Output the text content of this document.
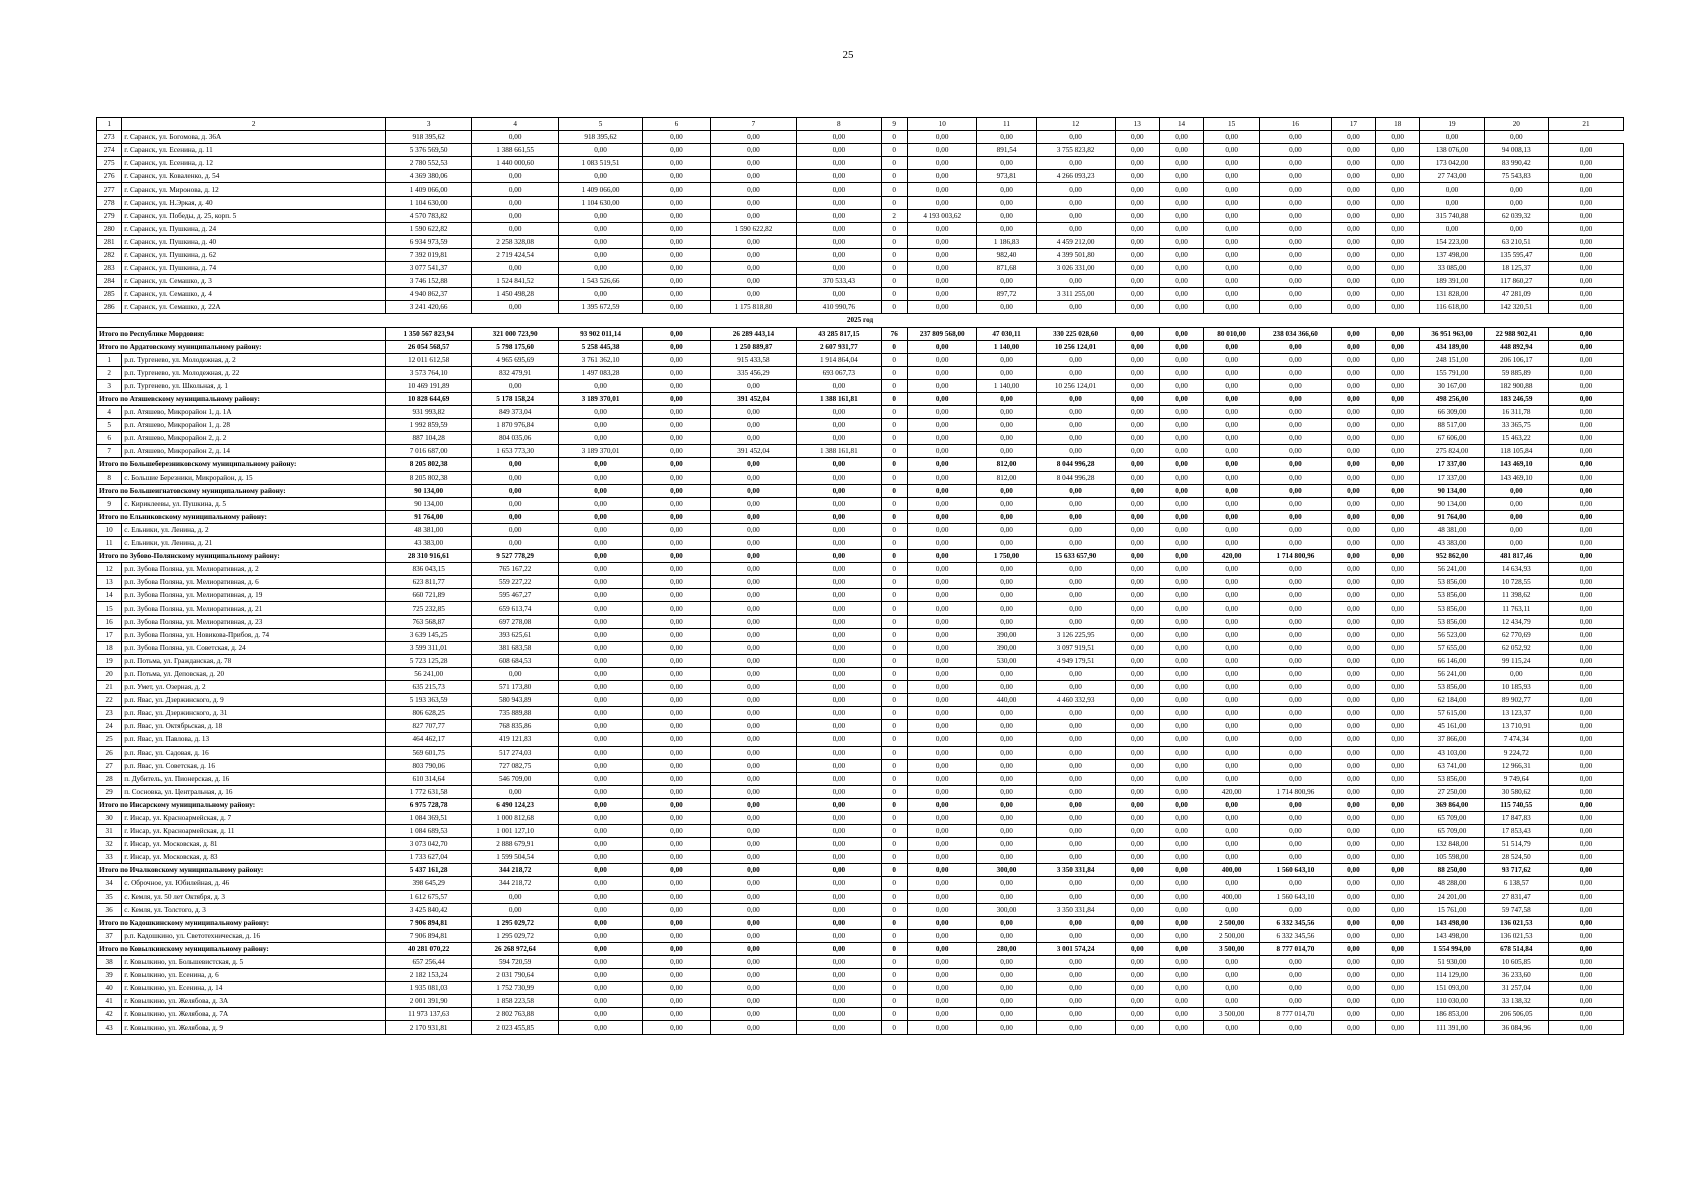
25
1	2	3	4	5	6	7	8	9	10	11	12	13	14	15	16	17	18	19	20	21
273	г. Саранск, ул. Богомова, д. 36А	918 395,62	0,00	918 395,62	0,00	0,00	0,00	0	0,00	0,00	0,00	0,00	0,00	0,00	0,00	0,00	0,00	0,00	0,00	
274	г. Саранск, ул. Есенина, д. 11	5 376 569,50	1 388 661,55	0,00	0,00	0,00	0,00	0	0,00	891,54	3 755 823,82	0,00	0,00	0,00	0,00	0,00	0,00	138 076,00	94 008,13	0,00
275	г. Саранск, ул. Есенина, д. 12	2 780 552,53	1 440 000,60	1 083 519,51	0,00	0,00	0,00	0	0,00	0,00	0,00	0,00	0,00	0,00	0,00	0,00	0,00	173 042,00	83 990,42	0,00
276	г. Саранск, ул. Коваленко, д. 54	4 369 380,06	0,00	0,00	0,00	0,00	0,00	0	0,00	973,81	4 266 093,23	0,00	0,00	0,00	0,00	0,00	0,00	27 743,00	75 543,83	0,00
277	г. Саранск, ул. Миронова, д. 12	1 409 066,00	0,00	1 409 066,00	0,00	0,00	0,00	0	0,00	0,00	0,00	0,00	0,00	0,00	0,00	0,00	0,00	0,00	0,00	0,00
278	г. Саранск, ул. Н.Эркая, д. 40	1 104 630,00	0,00	1 104 630,00	0,00	0,00	0,00	0	0,00	0,00	0,00	0,00	0,00	0,00	0,00	0,00	0,00	0,00	0,00	0,00
279	г. Саранск, ул. Победы, д. 25, корп. 5	4 570 783,82	0,00	0,00	0,00	0,00	0,00	2	4 193 003,62	0,00	0,00	0,00	0,00	0,00	0,00	0,00	0,00	315 740,88	62 039,32	0,00
280	г. Саранск, ул. Пушкина, д. 24	1 590 622,82	0,00	0,00	0,00	1 590 622,82	0,00	0	0,00	0,00	0,00	0,00	0,00	0,00	0,00	0,00	0,00	0,00	0,00	0,00
281	г. Саранск, ул. Пушкина, д. 40	6 934 973,59	2 258 328,08	0,00	0,00	0,00	0,00	0	0,00	1 186,83	4 459 212,00	0,00	0,00	0,00	0,00	0,00	0,00	154 223,00	63 210,51	0,00
282	г. Саранск, ул. Пушкина, д. 62	7 392 019,81	2 719 424,54	0,00	0,00	0,00	0,00	0	0,00	982,40	4 399 501,80	0,00	0,00	0,00	0,00	0,00	0,00	137 498,00	135 595,47	0,00
283	г. Саранск, ул. Пушкина, д. 74	3 077 541,37	0,00	0,00	0,00	0,00	0,00	0	0,00	871,68	3 026 331,00	0,00	0,00	0,00	0,00	0,00	0,00	33 085,00	18 125,37	0,00
284	г. Саранск, ул. Семашко, д. 3	3 746 152,88	1 524 841,52	1 543 526,66	0,00	0,00	370 533,43	0	0,00	0,00	0,00	0,00	0,00	0,00	0,00	0,00	0,00	189 391,00	117 860,27	0,00
285	г. Саранск, ул. Семашко, д. 4	4 940 862,37	1 450 498,28	0,00	0,00	0,00	0,00	0	0,00	897,72	3 311 255,00	0,00	0,00	0,00	0,00	0,00	0,00	131 828,00	47 281,09	0,00
286	г. Саранск, ул. Семашко, д. 22А	3 241 420,66	0,00	1 395 672,59	0,00	1 175 818,80	410 990,76	0	0,00	0,00	0,00	0,00	0,00	0,00	0,00	0,00	0,00	116 618,00	142 320,51	0,00
2025 год																				
Итого по Республике Мордовия:		1 350 567 823,94	321 000 723,90	93 902 011,14	0,00	26 289 443,14	43 285 817,15	76	237 809 568,00	47 030,11	330 225 028,60	0,00	0,00	80 010,00	238 034 366,60	0,00	0,00	36 951 963,00	22 988 902,41	0,00
Итого по Ардатовскому муниципальному району:		26 054 568,57	5 798 175,60	5 258 445,38	0,00	1 250 889,87	2 607 931,77	0	0,00	1 140,00	10 256 124,01	0,00	0,00	0,00	0,00	0,00	0,00	434 189,00	448 892,94	0,00
1	р.п. Тургенево, ул. Молодежная, д. 2	12 011 612,58	4 965 695,69	3 761 362,10	0,00	915 433,58	1 914 864,04	0	0,00	0,00	0,00	0,00	0,00	0,00	0,00	0,00	0,00	248 151,00	206 106,17	0,00
2	р.п. Тургенево, ул. Молодежная, д. 22	3 573 764,10	832 479,91	1 497 083,28	0,00	335 456,29	693 067,73	0	0,00	0,00	0,00	0,00	0,00	0,00	0,00	0,00	0,00	155 791,00	59 885,89	0,00
3	р.п. Тургенево, ул. Школьная, д. 1	10 469 191,89	0,00	0,00	0,00	0,00	0,00	0	0,00	1 140,00	10 256 124,01	0,00	0,00	0,00	0,00	0,00	0,00	30 167,00	182 900,88	0,00
Итого по Атяшевскому муниципальному району:		10 828 644,69	5 178 158,24	3 189 370,01	0,00	391 452,04	1 388 161,81	0	0,00	0,00	0,00	0,00	0,00	0,00	0,00	0,00	0,00	498 256,00	183 246,59	0,00
4	р.п. Атяшево, Микрорайон 1, д. 1А	931 993,82	849 373,04	0,00	0,00	0,00	0,00	0	0,00	0,00	0,00	0,00	0,00	0,00	0,00	0,00	0,00	66 309,00	16 311,78	0,00
5	р.п. Атяшево, Микрорайон 1, д. 28	1 992 859,59	1 870 976,84	0,00	0,00	0,00	0,00	0	0,00	0,00	0,00	0,00	0,00	0,00	0,00	0,00	0,00	88 517,00	33 365,75	0,00
6	р.п. Атяшево, Микрорайон 2, д. 2	887 104,28	804 035,06	0,00	0,00	0,00	0,00	0	0,00	0,00	0,00	0,00	0,00	0,00	0,00	0,00	0,00	67 606,00	15 463,22	0,00
7	р.п. Атяшево, Микрорайон 2, д. 14	7 016 687,00	1 653 773,30	3 189 370,01	0,00	391 452,04	1 388 161,81	0	0,00	0,00	0,00	0,00	0,00	0,00	0,00	0,00	0,00	275 824,00	118 105,84	0,00
Итого по Большеберезниковскому муниципальному району:		8 205 802,38	0,00	0,00	0,00	0,00	0,00	0	0,00	812,00	8 044 996,28	0,00	0,00	0,00	0,00	0,00	0,00	17 337,00	143 469,10	0,00
8	с. Большие Березники, Микрорайон, д. 15	8 205 802,38	0,00	0,00	0,00	0,00	0,00	0	0,00	812,00	8 044 996,28	0,00	0,00	0,00	0,00	0,00	0,00	17 337,00	143 469,10	0,00
Итого по Большеигнатовскому муниципальному району:		90 134,00	0,00	0,00	0,00	0,00	0,00	0	0,00	0,00	0,00	0,00	0,00	0,00	0,00	0,00	0,00	90 134,00	0,00	0,00
9	с. Кириклеевы, ул. Пушкина, д. 5	90 134,00	0,00	0,00	0,00	0,00	0,00	0	0,00	0,00	0,00	0,00	0,00	0,00	0,00	0,00	0,00	90 134,00	0,00	0,00
Итого по Ельниковскому муниципальному району:		91 764,00	0,00	0,00	0,00	0,00	0,00	0	0,00	0,00	0,00	0,00	0,00	0,00	0,00	0,00	0,00	91 764,00	0,00	0,00
10	с. Ельники, ул. Ленина, д. 2	48 381,00	0,00	0,00	0,00	0,00	0,00	0	0,00	0,00	0,00	0,00	0,00	0,00	0,00	0,00	0,00	48 381,00	0,00	0,00
11	с. Ельники, ул. Ленина, д. 21	43 383,00	0,00	0,00	0,00	0,00	0,00	0	0,00	0,00	0,00	0,00	0,00	0,00	0,00	0,00	0,00	43 383,00	0,00	0,00
Итого по Зубово-Полянскому муниципальному району:		28 310 916,61	9 527 778,29	0,00	0,00	0,00	0,00	0	0,00	1 750,00	15 633 657,90	0,00	0,00	420,00	1 714 800,96	0,00	0,00	952 862,00	481 817,46	0,00
12	р.п. Зубова Поляна, ул. Мелиоративная, д. 2	836 043,15	765 167,22	0,00	0,00	0,00	0,00	0	0,00	0,00	0,00	0,00	0,00	0,00	0,00	0,00	0,00	56 241,00	14 634,93	0,00
13	р.п. Зубова Поляна, ул. Мелиоративная, д. 6	623 811,77	559 227,22	0,00	0,00	0,00	0,00	0	0,00	0,00	0,00	0,00	0,00	0,00	0,00	0,00	0,00	53 856,00	10 728,55	0,00
14	р.п. Зубова Поляна, ул. Мелиоративная, д. 19	660 721,89	595 467,27	0,00	0,00	0,00	0,00	0	0,00	0,00	0,00	0,00	0,00	0,00	0,00	0,00	0,00	53 856,00	11 398,62	0,00
15	р.п. Зубова Поляна, ул. Мелиоративная, д. 21	725 232,85	659 613,74	0,00	0,00	0,00	0,00	0	0,00	0,00	0,00	0,00	0,00	0,00	0,00	0,00	0,00	53 856,00	11 763,11	0,00
16	р.п. Зубова Поляна, ул. Мелиоративная, д. 23	763 568,87	697 278,08	0,00	0,00	0,00	0,00	0	0,00	0,00	0,00	0,00	0,00	0,00	0,00	0,00	0,00	53 856,00	12 434,79	0,00
17	р.п. Зубова Поляна, ул. Новикова-Прибоя, д. 74	3 639 145,25	393 625,61	0,00	0,00	0,00	0,00	0	0,00	390,00	3 126 225,95	0,00	0,00	0,00	0,00	0,00	0,00	56 523,00	62 770,69	0,00
18	р.п. Зубова Поляна, ул. Советская, д. 24	3 599 311,01	381 683,58	0,00	0,00	0,00	0,00	0	0,00	390,00	3 097 919,51	0,00	0,00	0,00	0,00	0,00	0,00	57 655,00	62 052,92	0,00
19	р.п. Потьма, ул. Гражданская, д. 78	5 723 125,28	608 684,53	0,00	0,00	0,00	0,00	0	0,00	530,00	4 949 179,51	0,00	0,00	0,00	0,00	0,00	0,00	66 146,00	99 115,24	0,00
20	р.п. Потьма, ул. Деповская, д. 20	56 241,00	0,00	0,00	0,00	0,00	0,00	0	0,00	0,00	0,00	0,00	0,00	0,00	0,00	0,00	0,00	56 241,00	0,00	0,00
21	р.п. Умет, ул. Озерная, д. 2	635 215,73	571 173,80	0,00	0,00	0,00	0,00	0	0,00	0,00	0,00	0,00	0,00	0,00	0,00	0,00	0,00	53 856,00	10 185,93	0,00
22	р.п. Явас, ул. Дзержинского, д. 9	5 193 363,59	580 943,89	0,00	0,00	0,00	0,00	0	0,00	440,00	4 460 332,93	0,00	0,00	0,00	0,00	0,00	0,00	62 184,00	89 902,77	0,00
23	р.п. Явас, ул. Дзержинского, д. 31	806 628,25	735 889,88	0,00	0,00	0,00	0,00	0	0,00	0,00	0,00	0,00	0,00	0,00	0,00	0,00	0,00	57 615,00	13 123,37	0,00
24	р.п. Явас, ул. Октябрьская, д. 18	827 707,77	768 835,86	0,00	0,00	0,00	0,00	0	0,00	0,00	0,00	0,00	0,00	0,00	0,00	0,00	0,00	45 161,00	13 710,91	0,00
25	р.п. Явас, ул. Павлова, д. 13	464 462,17	419 121,83	0,00	0,00	0,00	0,00	0	0,00	0,00	0,00	0,00	0,00	0,00	0,00	0,00	0,00	37 866,00	7 474,34	0,00
26	р.п. Явас, ул. Садовая, д. 16	569 601,75	517 274,03	0,00	0,00	0,00	0,00	0	0,00	0,00	0,00	0,00	0,00	0,00	0,00	0,00	0,00	43 103,00	9 224,72	0,00
27	р.п. Явас, ул. Советская, д. 16	803 790,06	727 082,75	0,00	0,00	0,00	0,00	0	0,00	0,00	0,00	0,00	0,00	0,00	0,00	0,00	0,00	63 741,00	12 966,31	0,00
28	п. Дубитель, ул. Пионерская, д. 16	610 314,64	546 709,00	0,00	0,00	0,00	0,00	0	0,00	0,00	0,00	0,00	0,00	0,00	0,00	0,00	0,00	53 856,00	9 749,64	0,00
29	п. Сосновка, ул. Центральная, д. 16	1 772 631,58	0,00	0,00	0,00	0,00	0,00	0	0,00	0,00	0,00	0,00	0,00	420,00	1 714 800,96	0,00	0,00	27 250,00	30 580,62	0,00
Итого по Инсарскому муниципальному району:		6 975 728,78	6 490 124,23	0,00	0,00	0,00	0,00	0	0,00	0,00	0,00	0,00	0,00	0,00	0,00	0,00	0,00	369 864,00	115 740,55	0,00
30	г. Инсар, ул. Красноармейская, д. 7	1 084 369,51	1 000 812,68	0,00	0,00	0,00	0,00	0	0,00	0,00	0,00	0,00	0,00	0,00	0,00	0,00	0,00	65 709,00	17 847,83	0,00
31	г. Инсар, ул. Красноармейская, д. 11	1 084 689,53	1 001 127,10	0,00	0,00	0,00	0,00	0	0,00	0,00	0,00	0,00	0,00	0,00	0,00	0,00	0,00	65 709,00	17 853,43	0,00
32	г. Инсар, ул. Московская, д. 81	3 073 042,70	2 888 679,91	0,00	0,00	0,00	0,00	0	0,00	0,00	0,00	0,00	0,00	0,00	0,00	0,00	0,00	132 848,00	51 514,79	0,00
33	г. Инсар, ул. Московская, д. 83	1 733 627,04	1 599 504,54	0,00	0,00	0,00	0,00	0	0,00	0,00	0,00	0,00	0,00	0,00	0,00	0,00	0,00	105 598,00	28 524,50	0,00
Итого по Ичалковскому муниципальному району:		5 437 161,28	344 218,72	0,00	0,00	0,00	0,00	0	0,00	300,00	3 350 331,84	0,00	0,00	400,00	1 560 643,10	0,00	0,00	88 250,00	93 717,62	0,00
34	с. Оброчное, ул. Юбилейная, д. 46	398 645,29	344 218,72	0,00	0,00	0,00	0,00	0	0,00	0,00	0,00	0,00	0,00	0,00	0,00	0,00	0,00	48 288,00	6 138,57	0,00
35	с. Кемля, ул. 50 лет Октября, д. 3	1 612 675,57	0,00	0,00	0,00	0,00	0,00	0	0,00	0,00	0,00	0,00	0,00	400,00	1 560 643,10	0,00	0,00	24 201,00	27 831,47	0,00
36	с. Кемля, ул. Толстого, д. 3	3 425 840,42	0,00	0,00	0,00	0,00	0,00	0	0,00	300,00	3 350 331,84	0,00	0,00	0,00	0,00	0,00	0,00	15 761,00	59 747,58	0,00
Итого по Кадошкинскому муниципальному району:		7 906 894,81	1 295 029,72	0,00	0,00	0,00	0,00	0	0,00	0,00	0,00	0,00	0,00	2 500,00	6 332 345,56	0,00	0,00	143 498,00	136 021,53	0,00
37	р.п. Кадошкино, ул. Светотехническая, д. 16	7 906 894,81	1 295 029,72	0,00	0,00	0,00	0,00	0	0,00	0,00	0,00	0,00	0,00	2 500,00	6 332 345,56	0,00	0,00	143 498,00	136 021,53	0,00
Итого по Ковылкинскому муниципальному району:		40 281 070,22	26 268 972,64	0,00	0,00	0,00	0,00	0	0,00	280,00	3 001 574,24	0,00	0,00	3 500,00	8 777 014,70	0,00	0,00	1 554 994,00	678 514,84	0,00
38	г. Ковылкино, ул. Большевистская, д. 5	657 256,44	594 720,59	0,00	0,00	0,00	0,00	0	0,00	0,00	0,00	0,00	0,00	0,00	0,00	0,00	0,00	51 930,00	10 605,85	0,00
39	г. Ковылкино, ул. Есенина, д. 6	2 182 153,24	2 031 790,64	0,00	0,00	0,00	0,00	0	0,00	0,00	0,00	0,00	0,00	0,00	0,00	0,00	0,00	114 129,00	36 233,60	0,00
40	г. Ковылкино, ул. Есенина, д. 14	1 935 081,03	1 752 730,99	0,00	0,00	0,00	0,00	0	0,00	0,00	0,00	0,00	0,00	0,00	0,00	0,00	0,00	151 093,00	31 257,04	0,00
41	г. Ковылкино, ул. Желябова, д. 3А	2 001 391,90	1 858 223,58	0,00	0,00	0,00	0,00	0	0,00	0,00	0,00	0,00	0,00	0,00	0,00	0,00	0,00	110 030,00	33 138,32	0,00
42	г. Ковылкино, ул. Желябова, д. 7А	11 973 137,63	2 802 763,88	0,00	0,00	0,00	0,00	0	0,00	0,00	0,00	0,00	0,00	3 500,00	8 777 014,70	0,00	0,00	186 853,00	206 506,05	0,00
43	г. Ковылкино, ул. Желябова, д. 9	2 170 931,81	2 023 455,85	0,00	0,00	0,00	0,00	0	0,00	0,00	0,00	0,00	0,00	0,00	0,00	0,00	0,00	111 391,00	36 084,96	0,00
